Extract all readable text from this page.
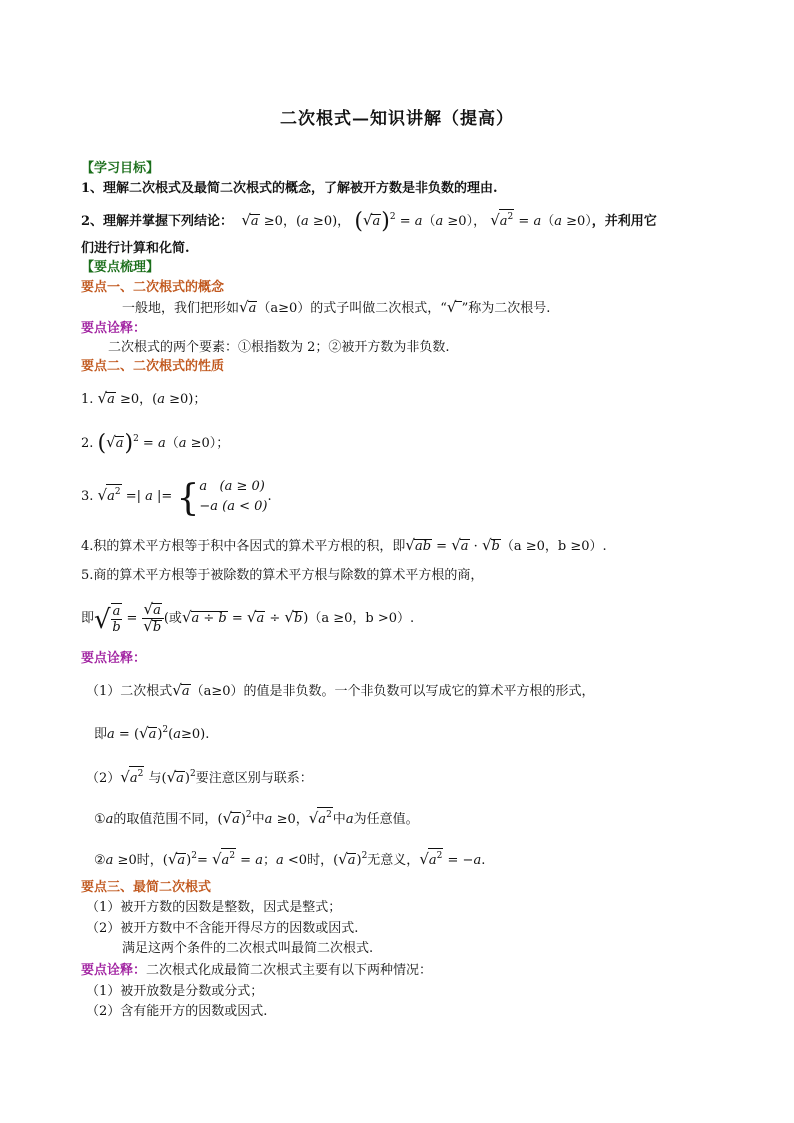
二次根式—知识讲解（提高）
【学习目标】
1、理解二次根式及最简二次根式的概念，了解被开方数是非负数的理由.
2、理解并掌握下列结论： √a ≥0，(a ≥0)， $(√a)^2 = a(a \ge 0)$， $√a^2 = a(a \ge 0)$，并利用它
们进行计算和化简.
【要点梳理】
要点一、二次根式的概念
一般地，我们把形如√a（a≥0）的式子叫做二次根式，“√ ”称为二次根号.
要点诠释：
二次根式的两个要素：①根指数为 2；②被开方数为非负数.
要点二、二次根式的性质
1. √a ≥0，(a ≥0)；
2. $(√a)^2 = a(a \ge 0)$；
3. $√a^2$ =| a |= { a   (a ≥ 0)
−a (a < 0)
.
4.积的算术平方根等于积中各因式的算术平方根的积，即√ab = √a · √b（a ≥0，b ≥0）.
5.商的算术平方根等于被除数的算术平方根与除数的算术平方根的商，
即√ $\frac{a}{b} = \frac{√a}{√b}$ (或√a ÷ b = √a ÷ √b)（a ≥0，b >0）.
要点诠释：
（1）二次根式√a（a≥0）的值是非负数。一个非负数可以写成它的算术平方根的形式，
即$a = (√a)^2(a\ge 0)$.
$(2)√a^2$ 与$(√a)^2$要注意区别与联系：
①a的取值范围不同，$(√a)^2$中a ≥0，$√a^2$中a为任意值。
②a ≥0时，$(√a)^2= √a^2 = a$；a <0时，$(√a)^2$无意义，$√a^2 = -a$.
要点三、最简二次根式
（1）被开方数的因数是整数，因式是整式；
（2）被开方数中不含能开得尽方的因数或因式.
满足这两个条件的二次根式叫最简二次根式.
要点诠释：二次根式化成最简二次根式主要有以下两种情况：
（1）被开放数是分数或分式；
（2）含有能开方的因数或因式.
